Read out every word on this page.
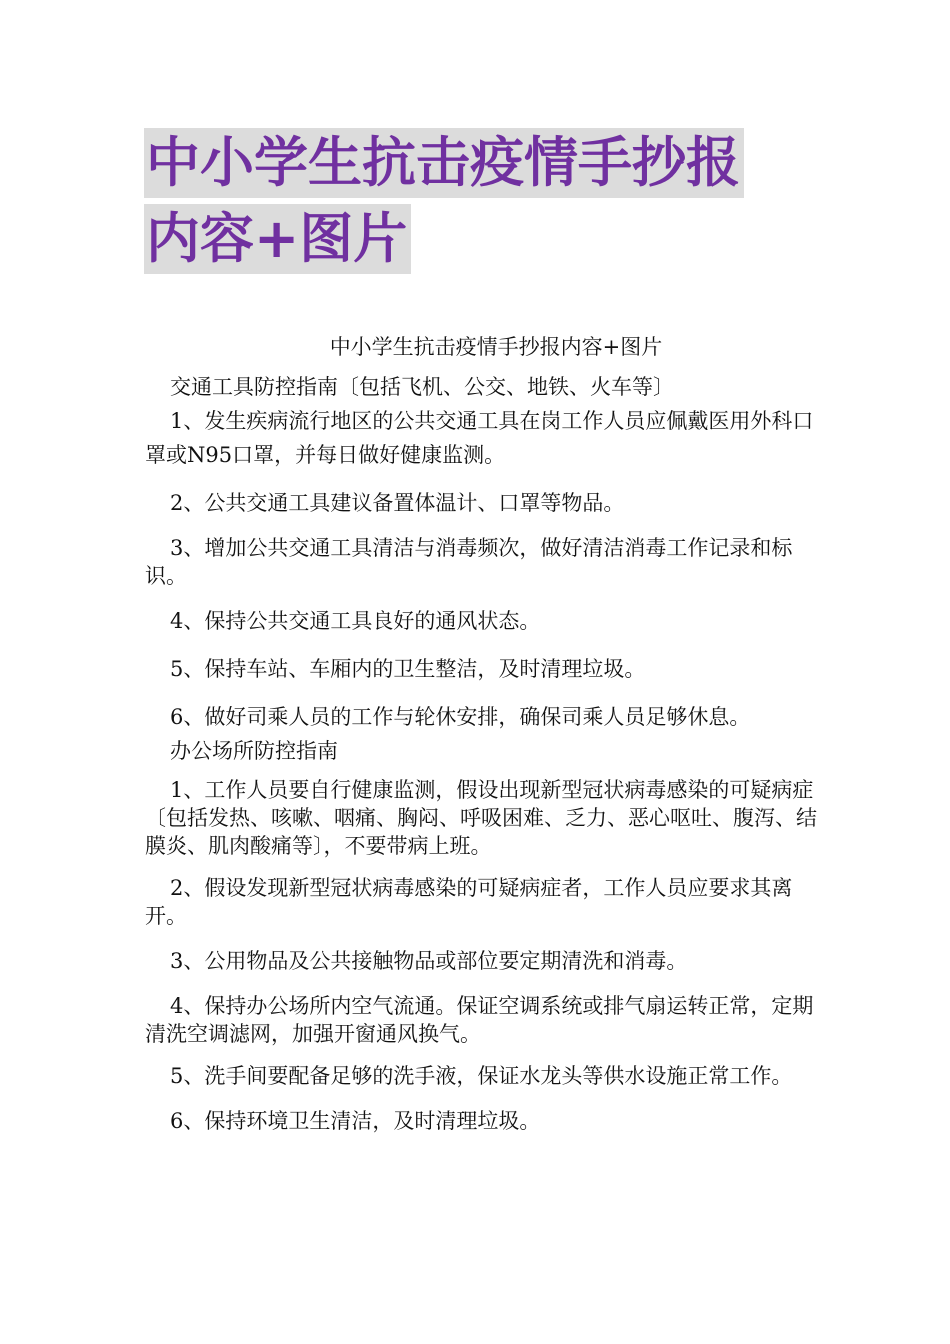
中小学生抗击疫情手抄报
内容+图片

中小学生抗击疫情手抄报内容+图片

交通工具防控指南〔包括飞机、公交、地铁、火车等〕

1、发生疾病流行地区的公共交通工具在岗工作人员应佩戴医用外科口罩或N95口罩，并每日做好健康监测。

2、公共交通工具建议备置体温计、口罩等物品。

3、增加公共交通工具清洁与消毒频次，做好清洁消毒工作记录和标识。

4、保持公共交通工具良好的通风状态。

5、保持车站、车厢内的卫生整洁，及时清理垃圾。

6、做好司乘人员的工作与轮休安排，确保司乘人员足够休息。

办公场所防控指南

1、工作人员要自行健康监测，假设出现新型冠状病毒感染的可疑病症〔包括发热、咳嗽、咽痛、胸闷、呼吸困难、乏力、恶心呕吐、腹泻、结膜炎、肌肉酸痛等〕，不要带病上班。

2、假设发现新型冠状病毒感染的可疑病症者，工作人员应要求其离开。

3、公用物品及公共接触物品或部位要定期清洗和消毒。

4、保持办公场所内空气流通。保证空调系统或排气扇运转正常，定期清洗空调滤网，加强开窗通风换气。

5、洗手间要配备足够的洗手液，保证水龙头等供水设施正常工作。

6、保持环境卫生清洁，及时清理垃圾。
